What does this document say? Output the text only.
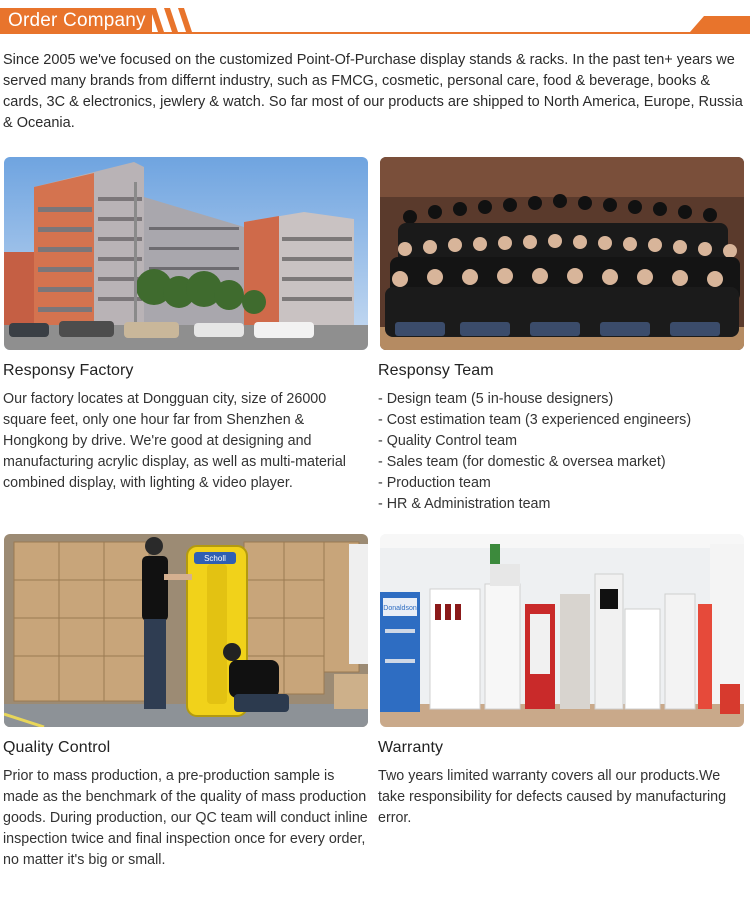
Order Company

Since 2005 we've focused on the customized Point-Of-Purchase display stands & racks. In the past ten+ years we served many brands from differnt industry, such as FMCG, cosmetic, personal care, food & beverage, books & cards, 3C & electronics, jewlery & watch. So far most of our products are shipped to North America, Europe, Russia & Oceania.

Responsy Factory

Our factory locates at Dongguan city, size of 26000 square feet, only one hour far from Shenzhen & Hongkong by drive. We're good at designing and manufacturing acrylic display, as well as multi-material combined display, with lighting & video player.

Responsy Team
- Design team (5 in-house designers)
- Cost estimation team (3 experienced engineers)
- Quality Control team
- Sales team (for domestic & oversea market)
- Production team
- HR & Administration team
Scholl
Donaldson
Quality Control

Prior to mass production, a pre-production sample is made as the benchmark of the quality of mass production goods. During production, our QC team will conduct inline inspection twice and final inspection once for every order, no matter it's big or small.

Warranty

Two years limited warranty covers all our products.We take responsibility for defects caused by manufacturing error.
